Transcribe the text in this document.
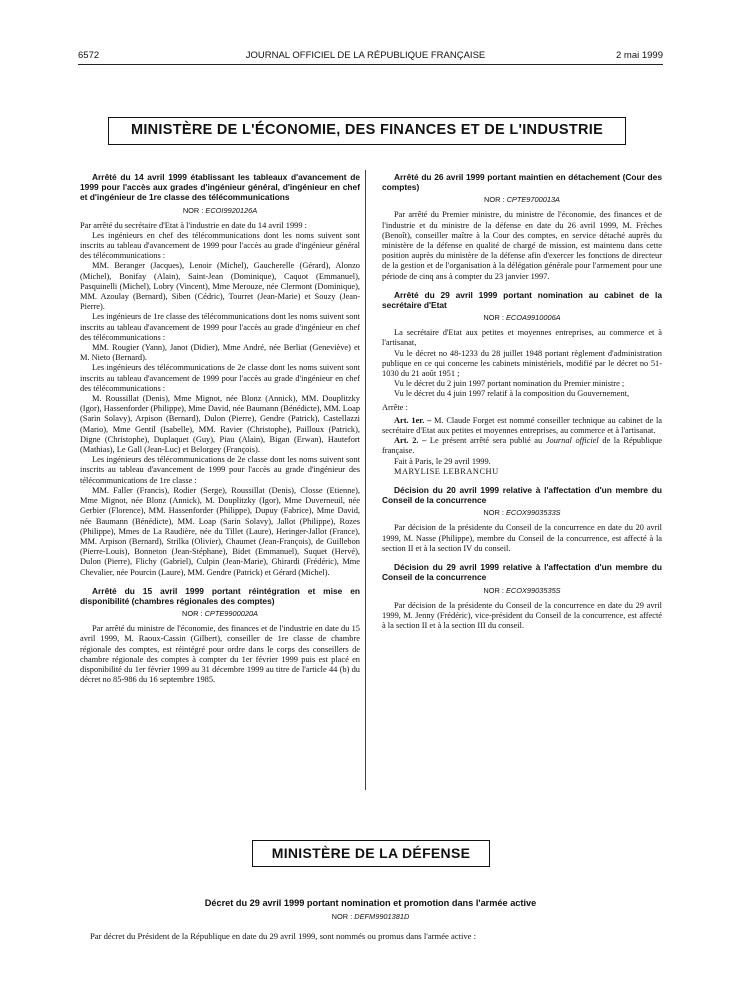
6572	JOURNAL OFFICIEL DE LA RÉPUBLIQUE FRANÇAISE	2 mai 1999
MINISTÈRE DE L'ÉCONOMIE, DES FINANCES ET DE L'INDUSTRIE

Arrêté du 14 avril 1999 établissant les tableaux d'avancement de 1999 pour l'accès aux grades d'ingénieur général, d'ingénieur en chef et d'ingénieur de 1re classe des télécommunications

NOR : ECOI9920126A

Par arrêté du secrétaire d'Etat à l'industrie en date du 14 avril 1999 :

Les ingénieurs en chef des télécommunications dont les noms suivent sont inscrits au tableau d'avancement de 1999 pour l'accès au grade d'ingénieur général des télécommunications :

MM. Beranger (Jacques), Lenoir (Michel), Gaucherelle (Gérard), Alonzo (Michel), Bonifay (Alain), Saint-Jean (Dominique), Caquot (Emmanuel), Pasquinelli (Michel), Lobry (Vincent), Mme Merouze, née Clermont (Dominique), MM. Azoulay (Bernard), Siben (Cédric), Tourret (Jean-Marie) et Souzy (Jean-Pierre).

Les ingénieurs de 1re classe des télécommunications dont les noms suivent sont inscrits au tableau d'avancement de 1999 pour l'accès au grade d'ingénieur en chef des télécommunications :

MM. Rougier (Yann), Janot (Didier), Mme André, née Berliat (Geneviève) et M. Nieto (Bernard).

Les ingénieurs des télécommunications de 2e classe dont les noms suivent sont inscrits au tableau d'avancement de 1999 pour l'accès au grade d'ingénieur en chef des télécommunications :

M. Roussillat (Denis), Mme Mignot, née Blonz (Annick), MM. Douplitzky (Igor), Hassenforder (Philippe), Mme David, née Baumann (Bénédicte), MM. Loap (Sarin Solavy), Arpison (Bernard), Dulon (Pierre), Gendre (Patrick), Castellazzi (Mario), Mme Gentil (Isabelle), MM. Ravier (Christophe), Pailloux (Patrick), Digne (Christophe), Duplaquet (Guy), Piau (Alain), Bigan (Erwan), Hautefort (Mathias), Le Gall (Jean-Luc) et Belorgey (François).

Les ingénieurs des télécommunications de 2e classe dont les noms suivent sont inscrits au tableau d'avancement de 1999 pour l'accès au grade d'ingénieur des télécommunications de 1re classe :

MM. Faller (Francis), Rodier (Serge), Roussillat (Denis), Closse (Etienne), Mme Mignot, née Blonz (Annick), M. Douplitzky (Igor), Mme Duverneuil, née Gerbier (Florence), MM. Hassenforder (Philippe), Dupuy (Fabrice), Mme David, née Baumann (Bénédicte), MM. Loap (Sarin Solavy), Jallot (Philippe), Rozes (Philippe), Mmes de La Raudière, née du Tillet (Laure), Heringer-Jallot (France), MM. Arpison (Bernard), Strilka (Olivier), Chaumet (Jean-François), de Guillebon (Pierre-Louis), Bonneton (Jean-Stéphane), Bidet (Emmanuel), Suquet (Hervé), Dulon (Pierre), Flichy (Gabriel), Culpin (Jean-Marie), Ghirardi (Frédéric), Mme Chevalier, née Pourcin (Laure), MM. Gendre (Patrick) et Gérard (Michel).

Arrêté du 15 avril 1999 portant réintégration et mise en disponibilité (chambres régionales des comptes)

NOR : CPTE9900020A

Par arrêté du ministre de l'économie, des finances et de l'industrie en date du 15 avril 1999, M. Raoux-Cassin (Gilbert), conseiller de 1re classe de chambre régionale des comptes, est réintégré pour ordre dans le corps des conseillers de chambre régionale des comptes à compter du 1er février 1999 puis est placé en disponibilité du 1er février 1999 au 31 décembre 1999 au titre de l'article 44 (b) du décret no 85-986 du 16 septembre 1985.

Arrêté du 26 avril 1999 portant maintien en détachement (Cour des comptes)

NOR : CPTE9700013A

Par arrêté du Premier ministre, du ministre de l'économie, des finances et de l'industrie et du ministre de la défense en date du 26 avril 1999, M. Frèches (Benoît), conseiller maître à la Cour des comptes, en service détaché auprès du ministère de la défense en qualité de chargé de mission, est maintenu dans cette position auprès du ministère de la défense afin d'exercer les fonctions de directeur de la gestion et de l'organisation à la délégation générale pour l'armement pour une période de cinq ans à compter du 23 janvier 1997.

Arrêté du 29 avril 1999 portant nomination au cabinet de la secrétaire d'Etat

NOR : ECOA9910006A

La secrétaire d'Etat aux petites et moyennes entreprises, au commerce et à l'artisanat,

Vu le décret no 48-1233 du 28 juillet 1948 portant règlement d'administration publique en ce qui concerne les cabinets ministériels, modifié par le décret no 51-1030 du 21 août 1951 ;

Vu le décret du 2 juin 1997 portant nomination du Premier ministre ;

Vu le décret du 4 juin 1997 relatif à la composition du Gouvernement,

Arrête :

Art. 1er. – M. Claude Forget est nommé conseiller technique au cabinet de la secrétaire d'Etat aux petites et moyennes entreprises, au commerce et à l'artisanat.

Art. 2. – Le présent arrêté sera publié au Journal officiel de la République française.

Fait à Paris, le 29 avril 1999.

MARYLISE LEBRANCHU

Décision du 20 avril 1999 relative à l'affectation d'un membre du Conseil de la concurrence

NOR : ECOX9903533S

Par décision de la présidente du Conseil de la concurrence en date du 20 avril 1999, M. Nasse (Philippe), membre du Conseil de la concurrence, est affecté à la section II et à la section IV du conseil.

Décision du 29 avril 1999 relative à l'affectation d'un membre du Conseil de la concurrence

NOR : ECOX9903535S

Par décision de la présidente du Conseil de la concurrence en date du 29 avril 1999, M. Jenny (Frédéric), vice-président du Conseil de la concurrence, est affecté à la section II et à la section III du conseil.

MINISTÈRE DE LA DÉFENSE

Décret du 29 avril 1999 portant nomination et promotion dans l'armée active

NOR : DEFM9901381D

Par décret du Président de la République en date du 29 avril 1999, sont nommés ou promus dans l'armée active :
